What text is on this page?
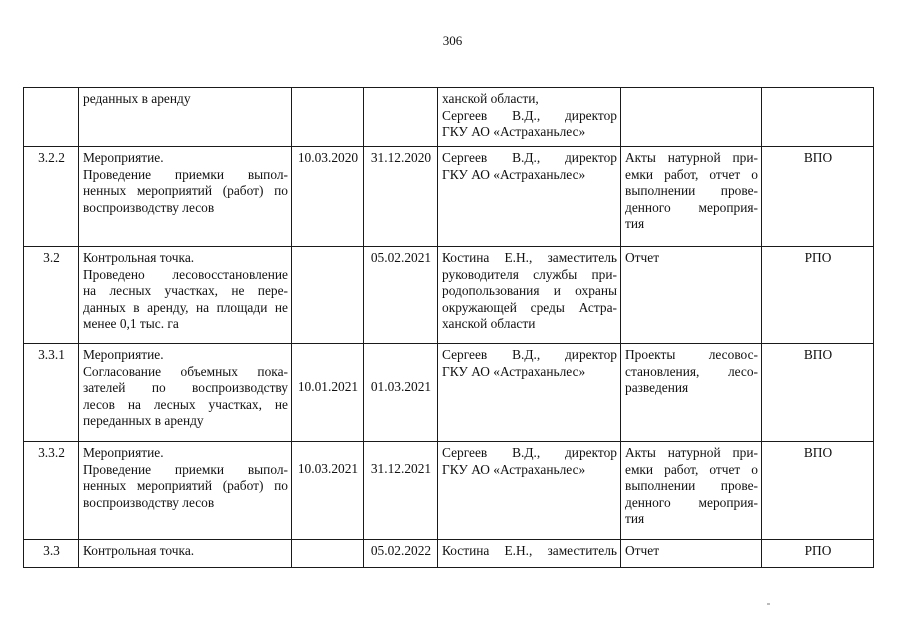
306

	реданных в аренду			ханской области,
Сергеев В.Д., директор
ГКУ АО «Астраханьлес»		

3.2.2	Мероприятие.
Проведение приемки выпол-
ненных мероприятий (работ) по
воспроизводству лесов	10.03.2020	31.12.2020	Сергеев В.Д., директор
ГКУ АО «Астраханьлес»	Акты натурной при-
емки работ, отчет о
выполнении прове-
денного мероприя-
тия	ВПО
3.2	Контрольная точка.
Проведено лесовосстановление
на лесных участках, не пере-
данных в аренду, на площади не
менее 0,1 тыс. га		05.02.2021	Костина Е.Н., заместитель
руководителя службы при-
родопользования и охраны
окружающей среды Астра-
ханской области	Отчет	РПО
3.3.1	Мероприятие.
Согласование объемных пока-
зателей по воспроизводству
лесов на лесных участках, не
переданных в аренду	10.01.2021	01.03.2021	Сергеев В.Д., директор
ГКУ АО «Астраханьлес»	Проекты лесовос-
становления, лесо-
разведения	ВПО
3.3.2	Мероприятие.
Проведение приемки выпол-
ненных мероприятий (работ) по
воспроизводству лесов	10.03.2021	31.12.2021	Сергеев В.Д., директор
ГКУ АО «Астраханьлес»	Акты натурной при-
емки работ, отчет о
выполнении прове-
денного мероприя-
тия	ВПО
3.3	Контрольная точка.		05.02.2022	Костина Е.Н., заместитель	Отчет	РПО
